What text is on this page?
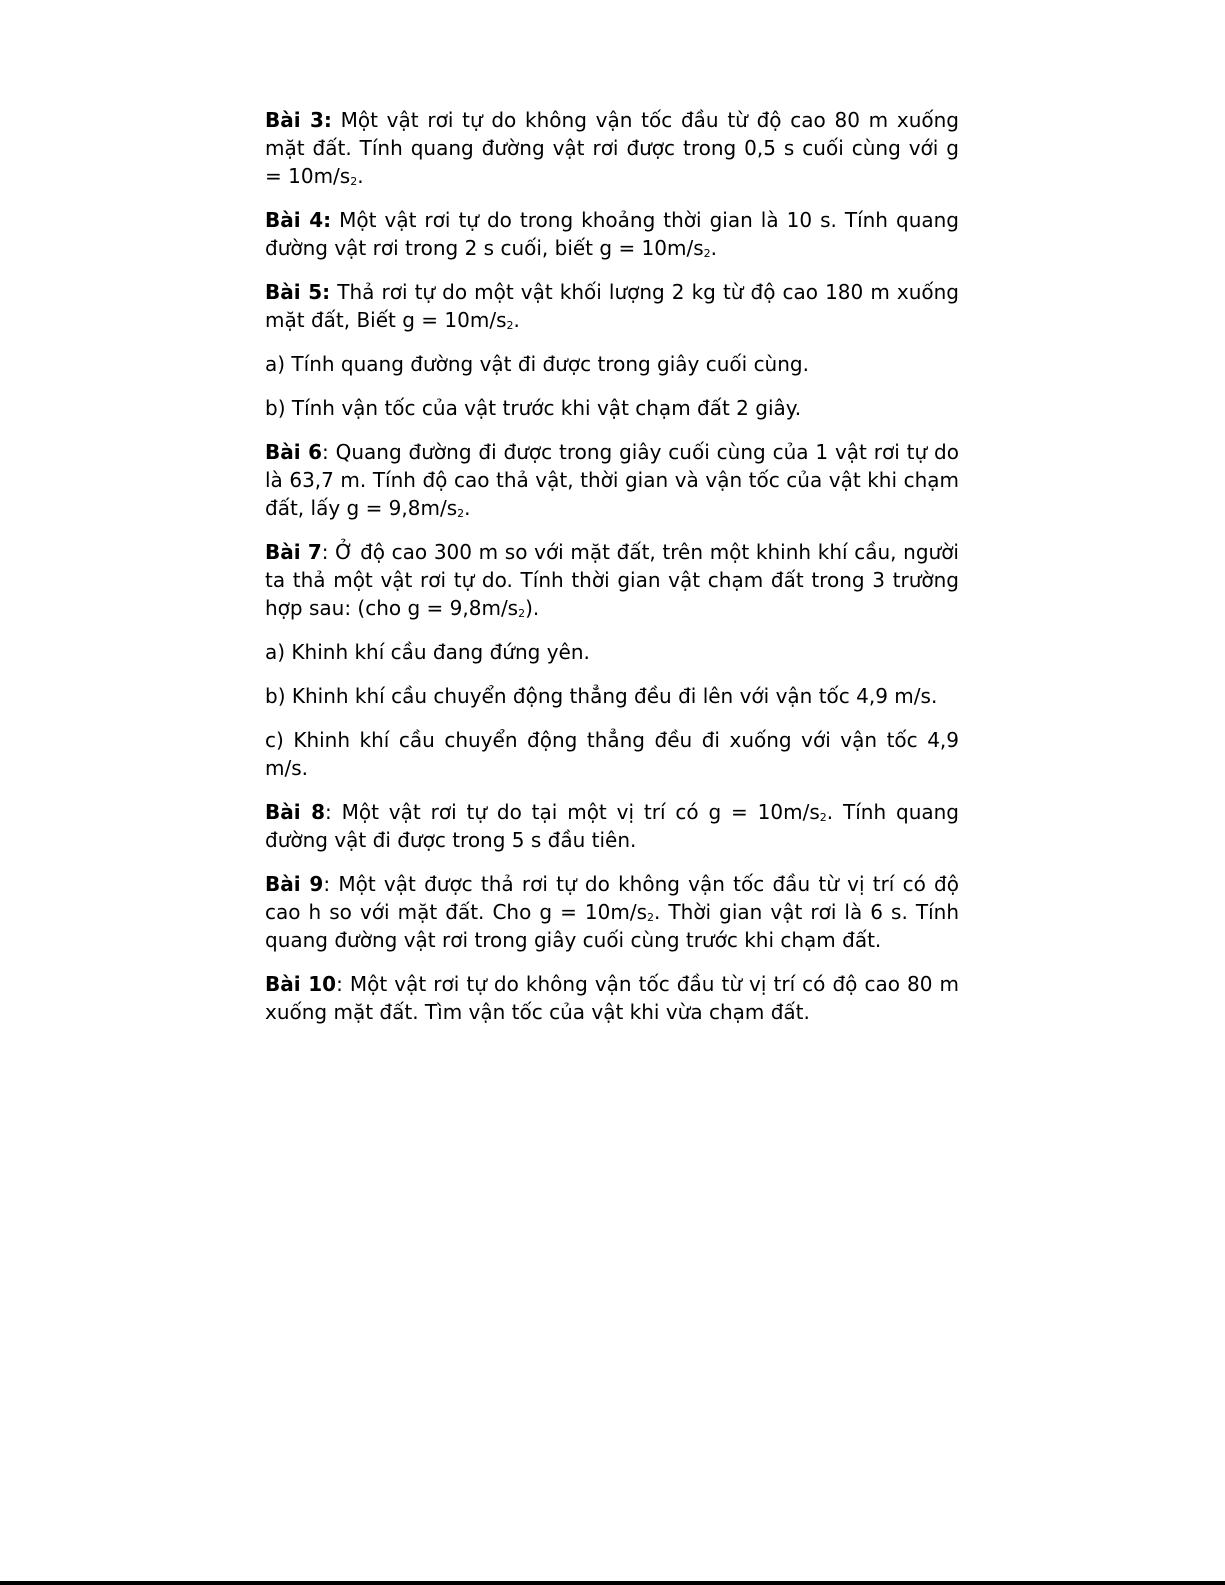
Bài 3: Một vật rơi tự do không vận tốc đầu từ độ cao 80 m xuống mặt đất. Tính quang đường vật rơi được trong 0,5 s cuối cùng với g = 10m/s2.

Bài 4: Một vật rơi tự do trong khoảng thời gian là 10 s. Tính quang đường vật rơi trong 2 s cuối, biết g = 10m/s2.

Bài 5: Thả rơi tự do một vật khối lượng 2 kg từ độ cao 180 m xuống mặt đất, Biết g = 10m/s2.

a) Tính quang đường vật đi được trong giây cuối cùng.

b) Tính vận tốc của vật trước khi vật chạm đất 2 giây.

Bài 6: Quang đường đi được trong giây cuối cùng của 1 vật rơi tự do là 63,7 m. Tính độ cao thả vật, thời gian và vận tốc của vật khi chạm đất, lấy g = 9,8m/s2.

Bài 7: Ở độ cao 300 m so với mặt đất, trên một khinh khí cầu, người ta thả một vật rơi tự do. Tính thời gian vật chạm đất trong 3 trường hợp sau: (cho g = 9,8m/s2).

a) Khinh khí cầu đang đứng yên.

b) Khinh khí cầu chuyển động thẳng đều đi lên với vận tốc 4,9 m/s.

c) Khinh khí cầu chuyển động thẳng đều đi xuống với vận tốc 4,9 m/s.

Bài 8: Một vật rơi tự do tại một vị trí có g = 10m/s2. Tính quang đường vật đi được trong 5 s đầu tiên.

Bài 9: Một vật được thả rơi tự do không vận tốc đầu từ vị trí có độ cao h so với mặt đất. Cho g = 10m/s2. Thời gian vật rơi là 6 s. Tính quang đường vật rơi trong giây cuối cùng trước khi chạm đất.

Bài 10: Một vật rơi tự do không vận tốc đầu từ vị trí có độ cao 80 m xuống mặt đất. Tìm vận tốc của vật khi vừa chạm đất.
